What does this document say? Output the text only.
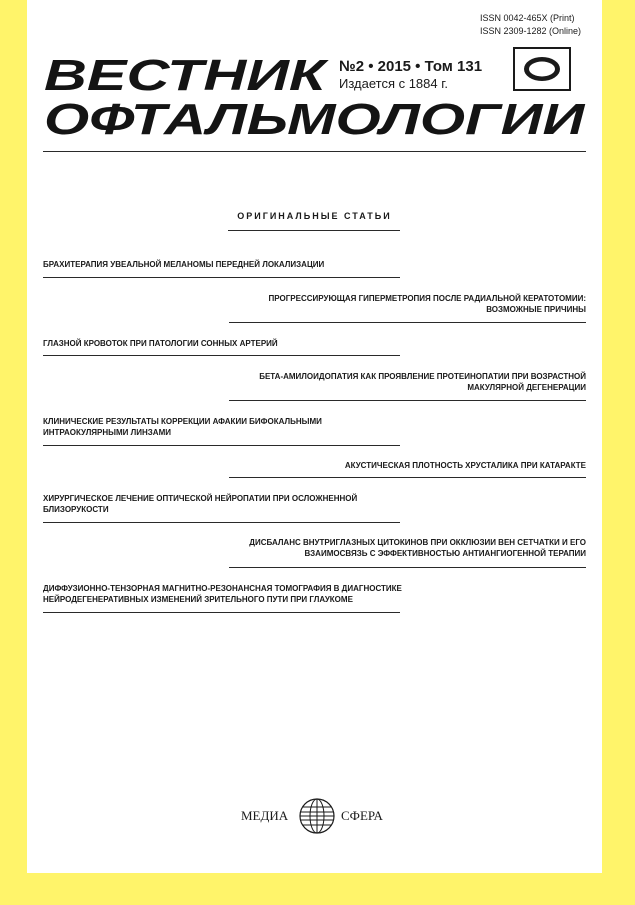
ISSN 0042-465X (Print)
ISSN 2309-1282 (Online)
ВЕСТНИК
ОФТАЛЬМОЛОГИИ
№2 • 2015 • Том 131
Издается с 1884 г.
ОРИГИНАЛЬНЫЕ СТАТЬИ
БРАХИТЕРАПИЯ УВЕАЛЬНОЙ МЕЛАНОМЫ ПЕРЕДНЕЙ ЛОКАЛИЗАЦИИ
ПРОГРЕССИРУЮЩАЯ ГИПЕРМЕТРОПИЯ ПОСЛЕ РАДИАЛЬНОЙ КЕРАТОТОМИИ:
ВОЗМОЖНЫЕ ПРИЧИНЫ
ГЛАЗНОЙ КРОВОТОК ПРИ ПАТОЛОГИИ СОННЫХ АРТЕРИЙ
БЕТА-АМИЛОИДОПАТИЯ КАК ПРОЯВЛЕНИЕ ПРОТЕИНОПАТИИ ПРИ ВОЗРАСТНОЙ
МАКУЛЯРНОЙ ДЕГЕНЕРАЦИИ
КЛИНИЧЕСКИЕ РЕЗУЛЬТАТЫ КОРРЕКЦИИ АФАКИИ БИФОКАЛЬНЫМИ
ИНТРАОКУЛЯРНЫМИ ЛИНЗАМИ
АКУСТИЧЕСКАЯ ПЛОТНОСТЬ ХРУСТАЛИКА ПРИ КАТАРАКТЕ
ХИРУРГИЧЕСКОЕ ЛЕЧЕНИЕ ОПТИЧЕСКОЙ НЕЙРОПАТИИ ПРИ ОСЛОЖНЕННОЙ
БЛИЗОРУКОСТИ
ДИСБАЛАНС ВНУТРИГЛАЗНЫХ ЦИТОКИНОВ ПРИ ОККЛЮЗИИ ВЕН СЕТЧАТКИ И ЕГО
ВЗАИМОСВЯЗЬ С ЭФФЕКТИВНОСТЬЮ АНТИАНГИОГЕННОЙ ТЕРАПИИ
ДИФФУЗИОННО-ТЕНЗОРНАЯ МАГНИТНО-РЕЗОНАНСНАЯ ТОМОГРАФИЯ В ДИАГНОСТИКЕ
НЕЙРОДЕГЕНЕРАТИВНЫХ ИЗМЕНЕНИЙ ЗРИТЕЛЬНОГО ПУТИ ПРИ ГЛАУКОМЕ
МЕДИА	СФЕРА
